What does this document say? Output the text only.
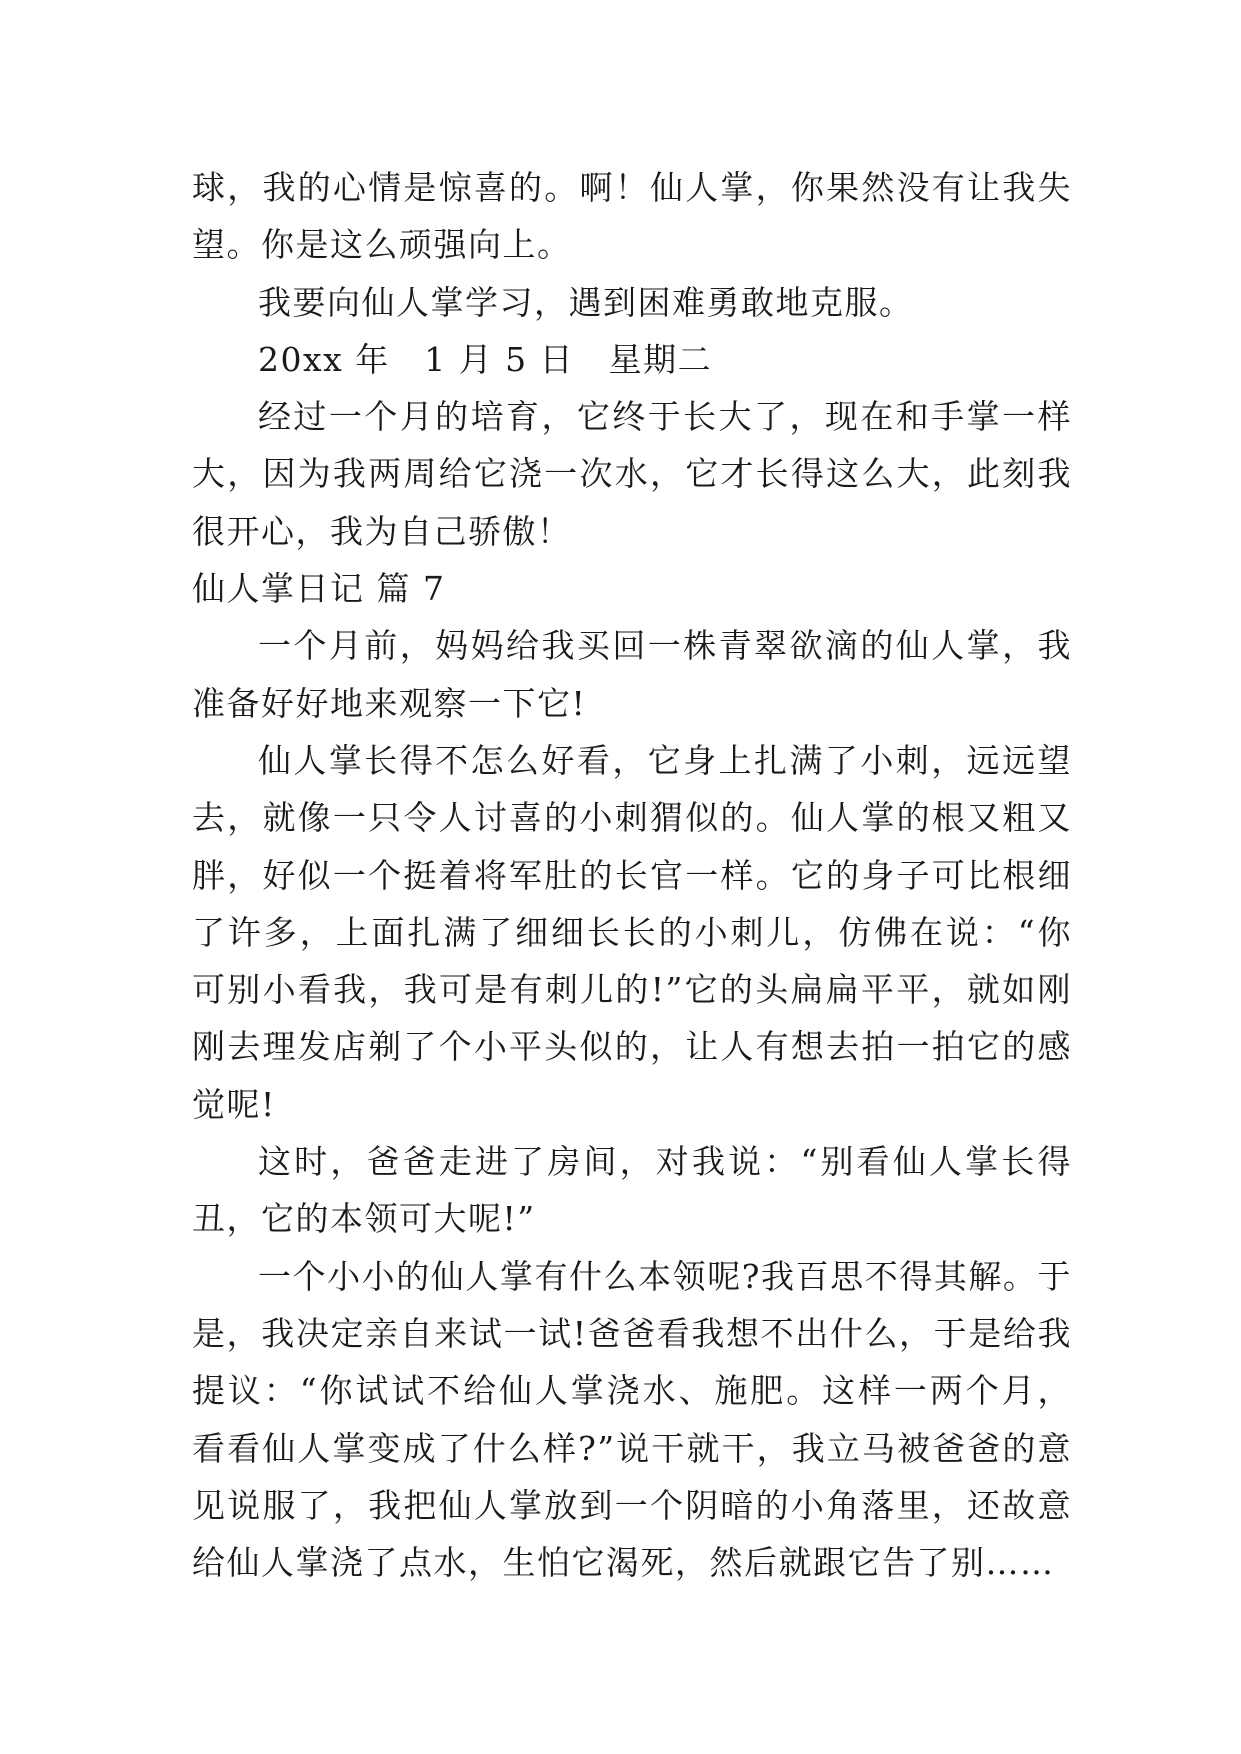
球，我的心情是惊喜的。啊！仙人掌，你果然没有让我失望。你是这么顽强向上。

我要向仙人掌学习，遇到困难勇敢地克服。

20xx 年　1 月 5 日　星期二

经过一个月的培育，它终于长大了，现在和手掌一样大，因为我两周给它浇一次水，它才长得这么大，此刻我很开心，我为自己骄傲！

仙人掌日记 篇 7

一个月前，妈妈给我买回一株青翠欲滴的仙人掌，我准备好好地来观察一下它!

仙人掌长得不怎么好看，它身上扎满了小刺，远远望去，就像一只令人讨喜的小刺猬似的。仙人掌的根又粗又胖，好似一个挺着将军肚的长官一样。它的身子可比根细了许多，上面扎满了细细长长的小刺儿，仿佛在说：“你可别小看我，我可是有刺儿的!”它的头扁扁平平，就如刚刚去理发店剃了个小平头似的，让人有想去拍一拍它的感觉呢!

这时，爸爸走进了房间，对我说：“别看仙人掌长得丑，它的本领可大呢!”

一个小小的仙人掌有什么本领呢?我百思不得其解。于是，我决定亲自来试一试!爸爸看我想不出什么，于是给我提议：“你试试不给仙人掌浇水、施肥。这样一两个月，看看仙人掌变成了什么样?”说干就干，我立马被爸爸的意见说服了，我把仙人掌放到一个阴暗的小角落里，还故意给仙人掌浇了点水，生怕它渴死，然后就跟它告了别……
